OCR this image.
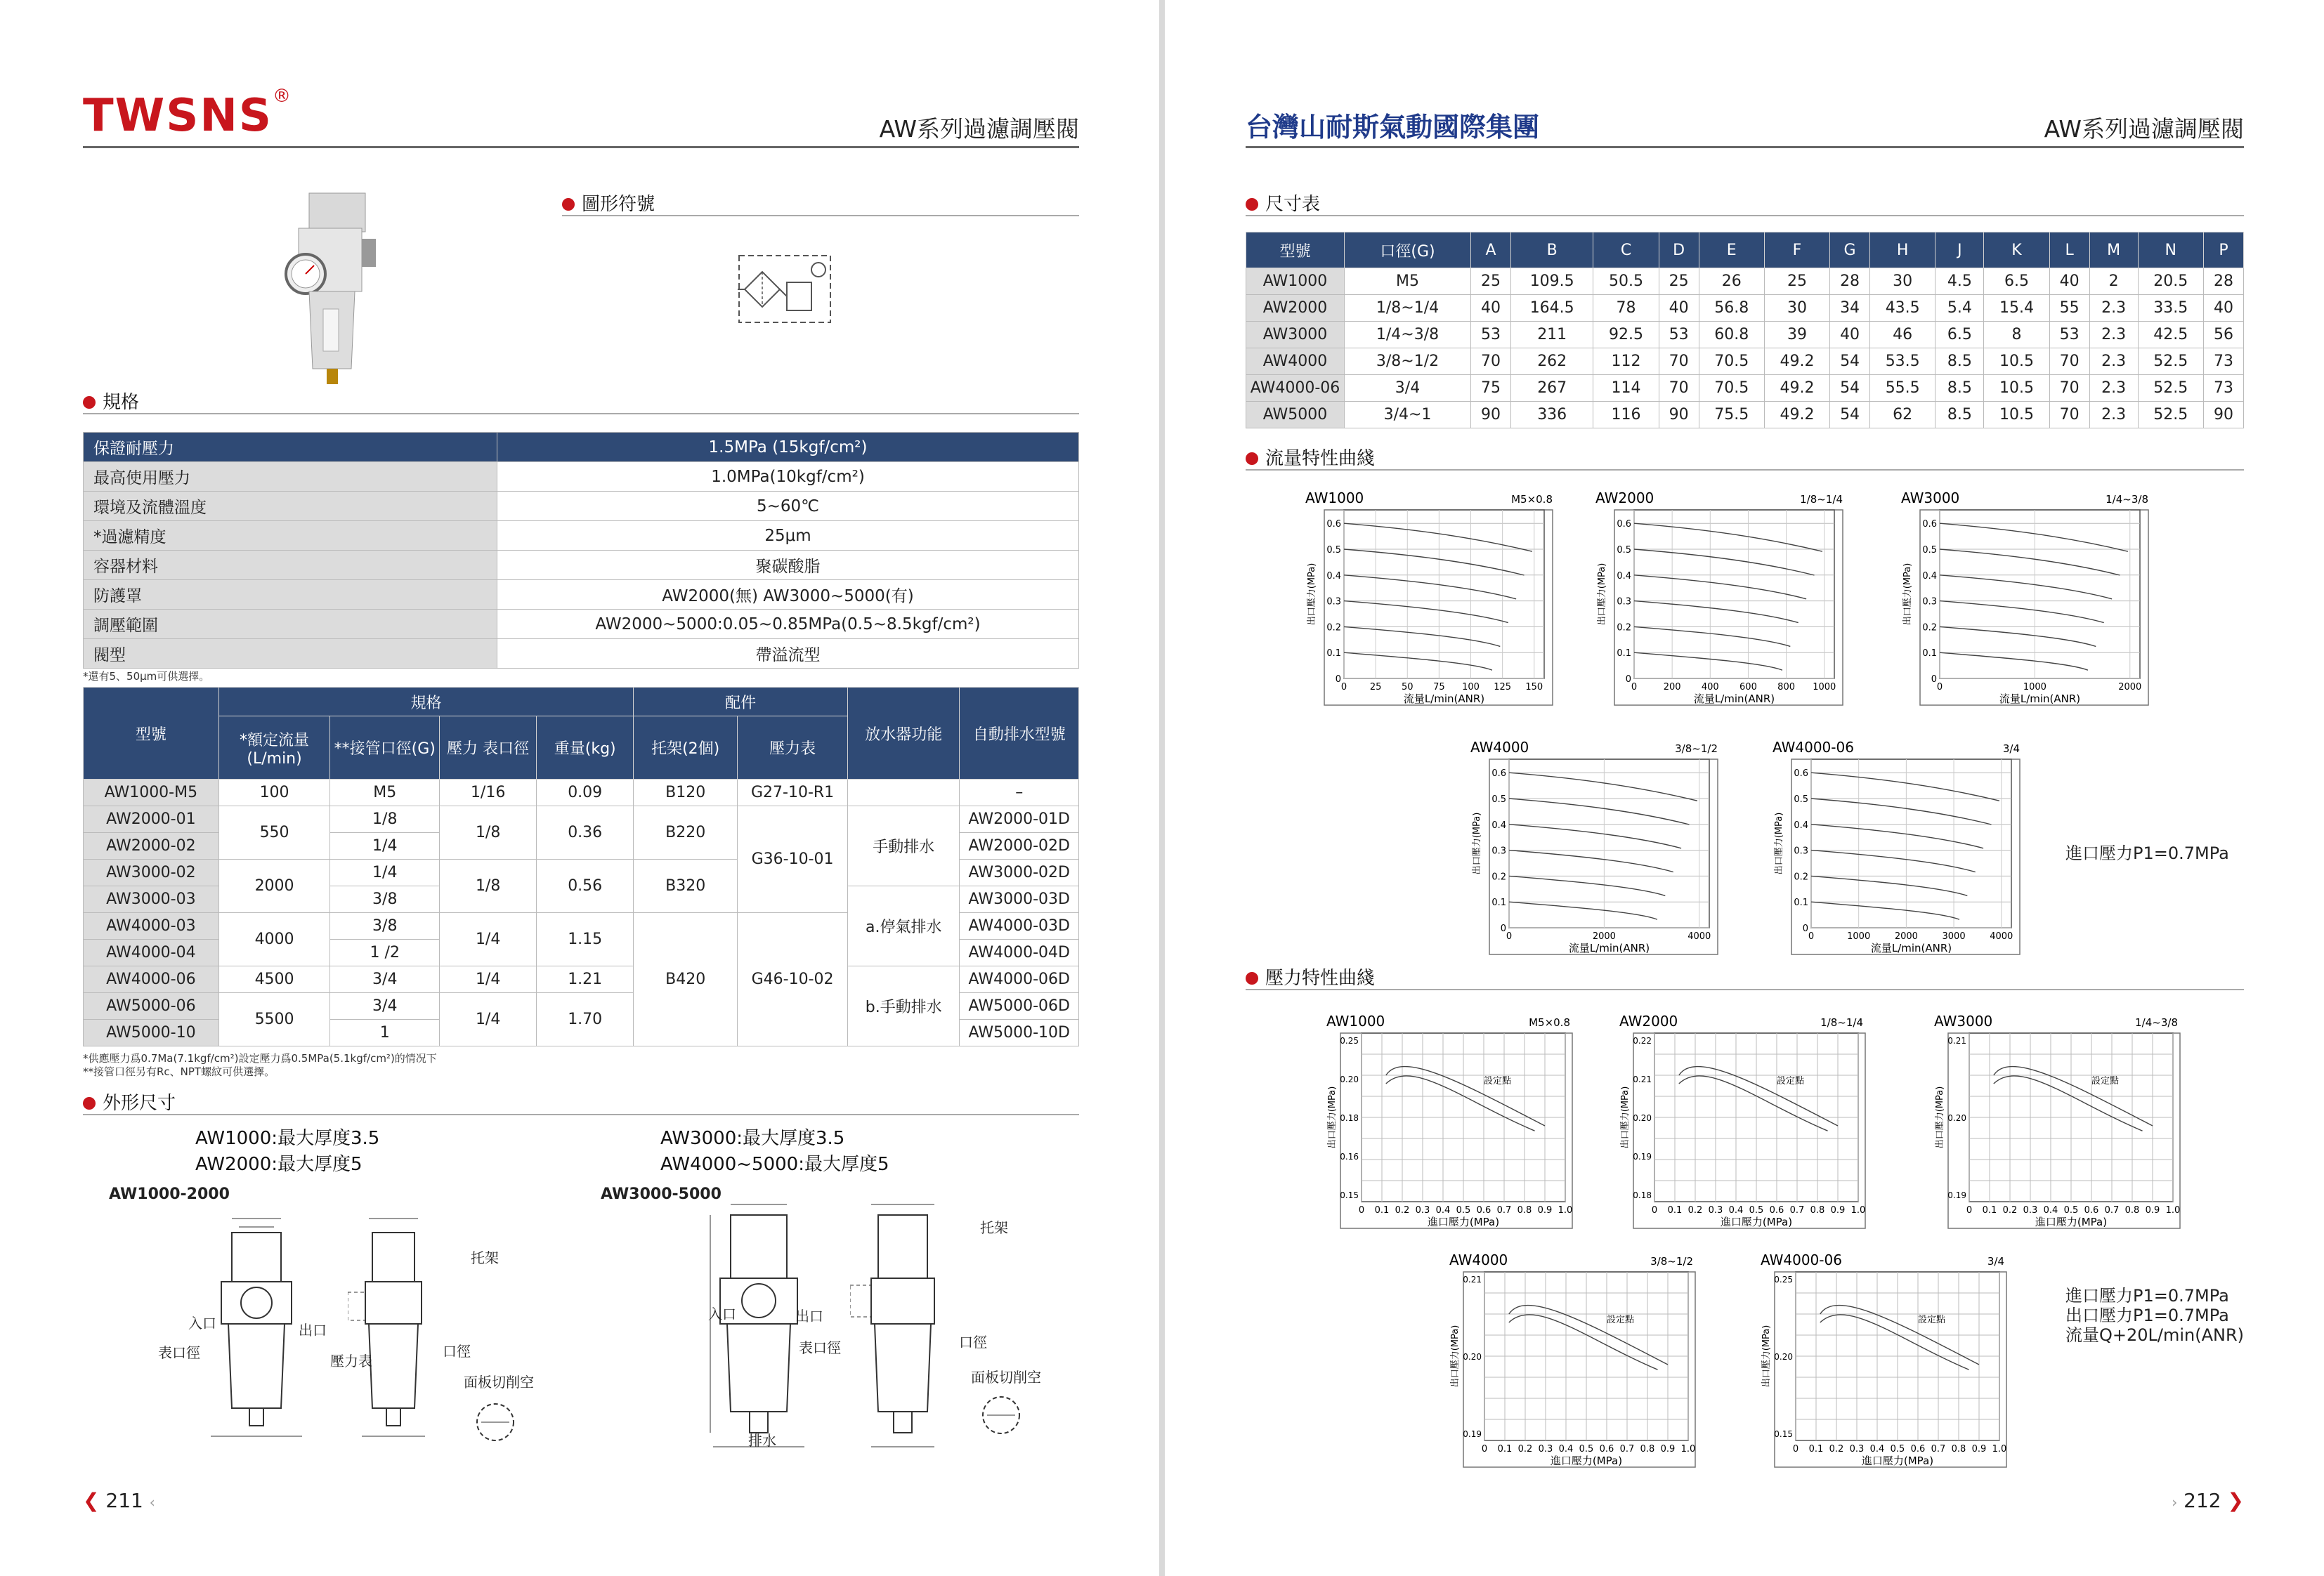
TWSNS®
AW系列過濾調壓閥
圖形符號
規格
保證耐壓力	1.5MPa (15kgf/cm²)
最高使用壓力	1.0MPa(10kgf/cm²)
環境及流體溫度	5~60℃
*過濾精度	25μm
容器材料	聚碳酸脂
防護罩	AW2000(無) AW3000~5000(有)
調壓範圍	AW2000~5000:0.05~0.85MPa(0.5~8.5kgf/cm²)
閥型	帶溢流型
*還有5、50μm可供選擇。
型號	規格				配件		放水器功能	自動排水型號
	*額定流量(L/min)	**接管口徑(G)	壓力 表口徑	重量(kg)	托架(2個)	壓力表		
AW1000-M5	100	M5	1/16	0.09	B120	G27-10-R1		–
AW2000-01	550	1/8	1/8	0.36	B220	G36-10-01	手動排水	AW2000-01D
AW2000-02		1/4						AW2000-02D
AW3000-02	2000	1/4	1/8	0.56	B320			AW3000-02D
AW3000-03		3/8					a.停氣排水	AW3000-03D
AW4000-03	4000	3/8	1/4	1.15	B420	G46-10-02		AW4000-03D
AW4000-04		1 /2						AW4000-04D
AW4000-06	4500	3/4	1/4	1.21			b.手動排水	AW4000-06D
AW5000-06	5500	3/4	1/4	1.70				AW5000-06D
AW5000-10		1						AW5000-10D
*供應壓力爲0.7Ma(7.1kgf/cm²)設定壓力爲0.5MPa(5.1kgf/cm²)的情况下
**接管口徑另有Rc、NPT螺紋可供選擇。
外形尺寸
AW1000:最大厚度3.5
AW2000:最大厚度5
AW3000:最大厚度3.5
AW4000~5000:最大厚度5
AW1000-2000	AW3000-5000
入口	出口
表口徑
托架
壓力表
口徑
面板切削空
入口	出口
表口徑
托架
口徑
面板切削空
排水
❮ 211 ‹
台灣山耐斯氣動國際集團	AW系列過濾調壓閥
尺寸表
型號	口徑(G)	A	B	C	D	E	F	G	H	J	K	L	M	N	P
AW1000	M5	25	109.5	50.5	25	26	25	28	30	4.5	6.5	40	2	20.5	28
AW2000	1/8~1/4	40	164.5	78	40	56.8	30	34	43.5	5.4	15.4	55	2.3	33.5	40
AW3000	1/4~3/8	53	211	92.5	53	60.8	39	40	46	6.5	8	53	2.3	42.5	56
AW4000	3/8~1/2	70	262	112	70	70.5	49.2	54	53.5	8.5	10.5	70	2.3	52.5	73
AW4000-06	3/4	75	267	114	70	70.5	49.2	54	55.5	8.5	10.5	70	2.3	52.5	73
AW5000	3/4~1	90	336	116	90	75.5	49.2	54	62	8.5	10.5	70	2.3	52.5	90
流量特性曲綫
AW1000	M5×0.8
0
0.1
0.2
0.3
0.4
0.5
0.6
0	25 50 75 100 125 150
流量L/min(ANR)
出口壓力(MPa)
AW2000	1/8~1/4
0
0.1
0.2
0.3
0.4
0.5
0.6
0	200 400 600 800 1000
流量L/min(ANR)
出口壓力(MPa)
AW3000	1/4~3/8
0
0.1
0.2
0.3
0.4
0.5
0.6
0	1000	2000
流量L/min(ANR)
出口壓力(MPa)
AW4000	3/8~1/2
0
0.1
0.2
0.3
0.4
0.5
0.6
0	2000	4000
流量L/min(ANR)
出口壓力(MPa)
AW4000-06	3/4
0
0.1
0.2
0.3
0.4
0.5
0.6
0	1000	2000	3000	4000
流量L/min(ANR)
出口壓力(MPa)	進口壓力P1=0.7MPa
壓力特性曲綫
AW1000	M5×0.8
0 0.1 0.2 0.3 0.4 0.5 0.6 0.7 0.8 0.9 1.0
0.25
0.20
0.18
0.16
0.15
設定點
進口壓力(MPa)
出口壓力(MPa)
AW2000	1/8~1/4
0 0.1 0.2 0.3 0.4 0.5 0.6 0.7 0.8 0.9 1.0
0.22
0.21
0.20
0.19
0.18
設定點
進口壓力(MPa)
出口壓力(MPa)
AW3000	1/4~3/8
0 0.1 0.2 0.3 0.4 0.5 0.6 0.7 0.8 0.9 1.0
0.21
0.20
0.19
設定點
進口壓力(MPa)
出口壓力(MPa)
AW4000	3/8~1/2
0 0.1 0.2 0.3 0.4 0.5 0.6 0.7 0.8 0.9 1.0
0.21
0.20
0.19
設定點
進口壓力(MPa)
出口壓力(MPa)
AW4000-06	3/4
0 0.1 0.2 0.3 0.4 0.5 0.6 0.7 0.8 0.9 1.0
0.25
0.20
0.15
設定點
進口壓力(MPa)
出口壓力(MPa)
進口壓力P1=0.7MPa
出口壓力P1=0.7MPa
流量Q+20L/min(ANR)
› 212 ❯
